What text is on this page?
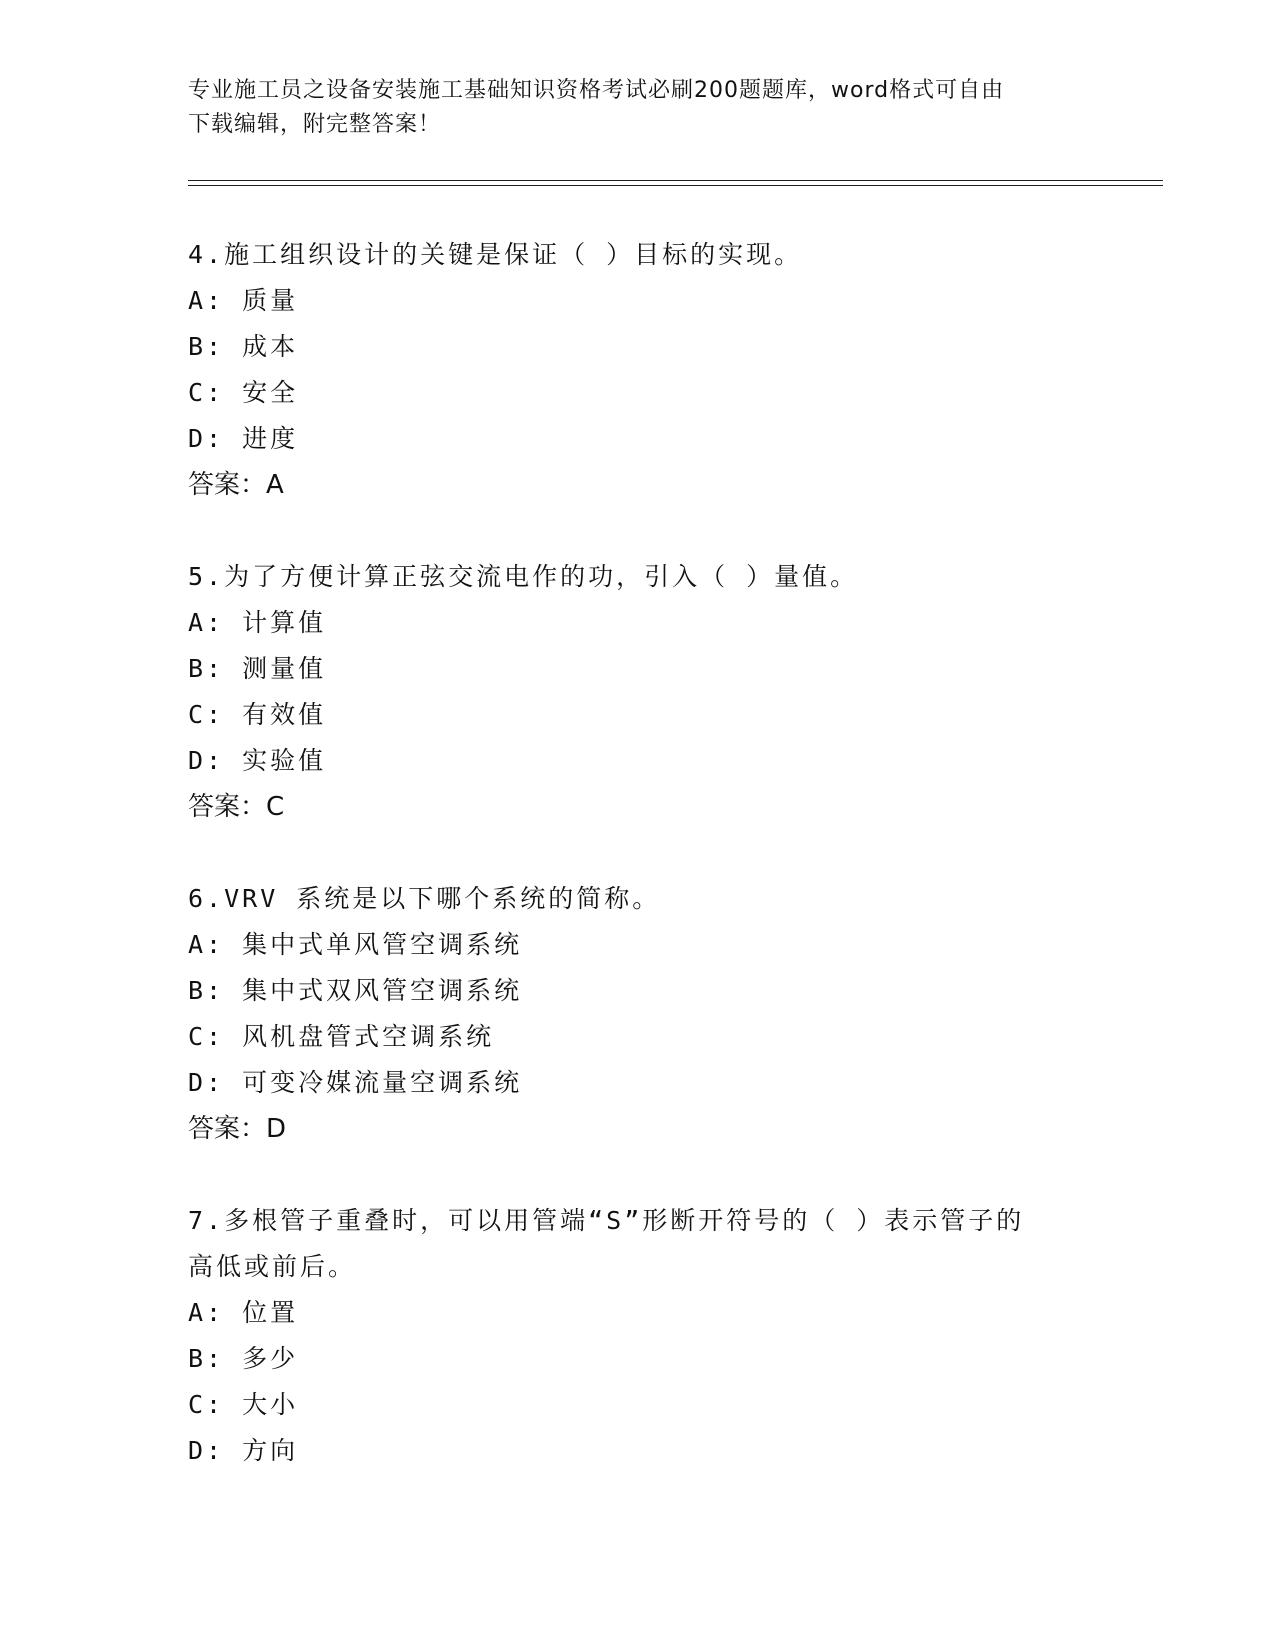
专业施工员之设备安装施工基础知识资格考试必刷200题题库，word格式可自由
下载编辑，附完整答案！

4.施工组织设计的关键是保证（ ）目标的实现。

A: 质量

B: 成本

C: 安全

D: 进度

答案：A

5.为了方便计算正弦交流电作的功，引入（ ）量值。

A: 计算值

B: 测量值

C: 有效值

D: 实验值

答案：C

6.VRV 系统是以下哪个系统的简称。

A: 集中式单风管空调系统

B: 集中式双风管空调系统

C: 风机盘管式空调系统

D: 可变冷媒流量空调系统

答案：D

7.多根管子重叠时，可以用管端“S”形断开符号的（ ）表示管子的

高低或前后。

A: 位置

B: 多少

C: 大小

D: 方向
